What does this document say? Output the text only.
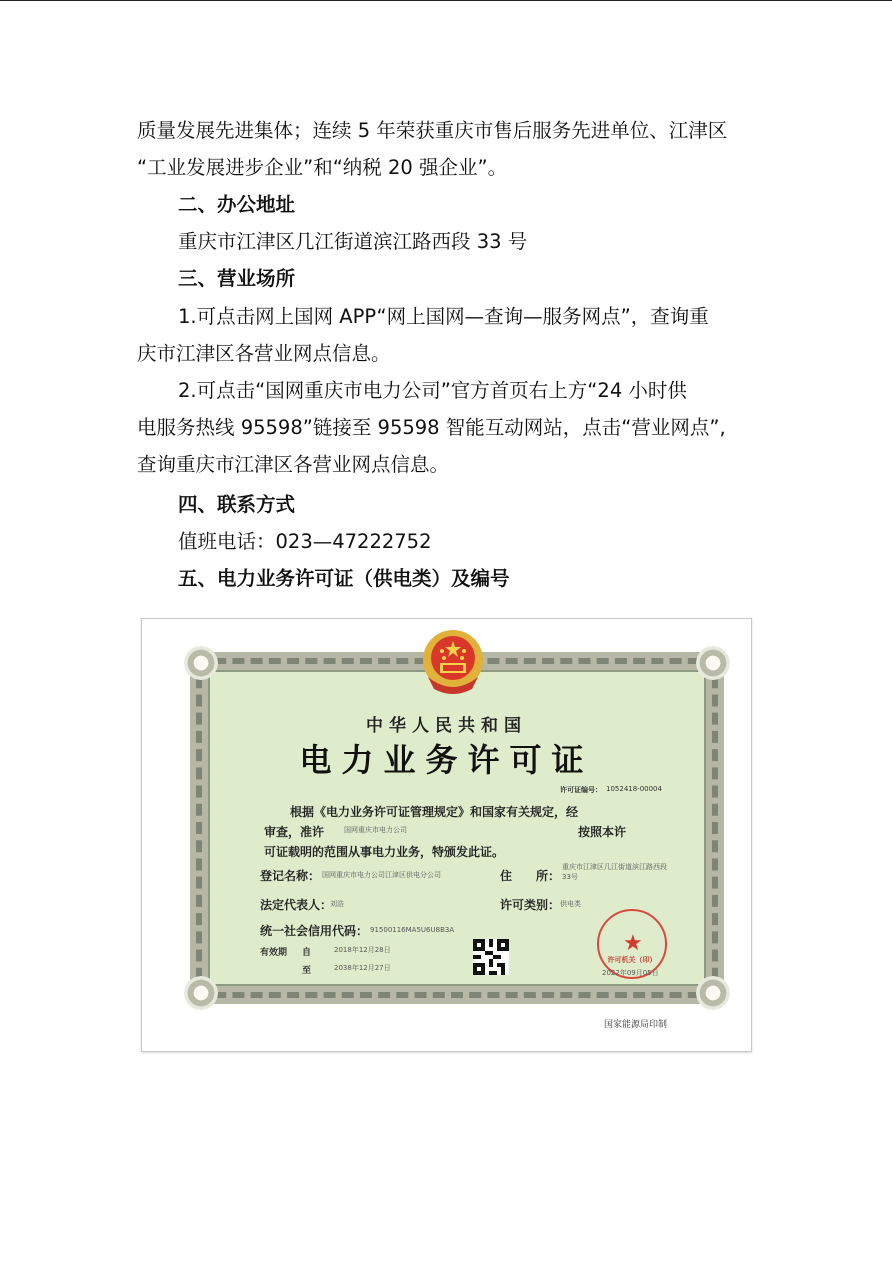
质量发展先进集体；连续 5 年荣获重庆市售后服务先进单位、江津区
“工业发展进步企业”和“纳税 20 强企业”。
二、办公地址
重庆市江津区几江街道滨江路西段 33 号
三、营业场所
1.可点击网上国网 APP“网上国网—查询—服务网点”，查询重
庆市江津区各营业网点信息。
2.可点击“国网重庆市电力公司”官方首页右上方“24 小时供
电服务热线 95598”链接至 95598 智能互动网站，点击“营业网点”,
查询重庆市江津区各营业网点信息。
四、联系方式
值班电话：023—47222752
五、电力业务许可证（供电类）及编号
中华人民共和国
电力业务许可证
许可证编号： 1052418-00004
根据《电力业务许可证管理规定》和国家有关规定，经
审查，准许	国网重庆市电力公司	按照本许
可证载明的范围从事电力业务，特颁发此证。
登记名称： 国网重庆市电力公司江津区供电分公司	住　　所：
重庆市江津区几江街道滨江路西段
33号
法定代表人：
刘浩	许可类别： 供电类
统一社会信用代码： 91500116MA5U6U8B3A
有效期 自	2018年12月28日
至	2038年12月27日
★
许可机关（印）
2022年09月05日
国家能源局印制
